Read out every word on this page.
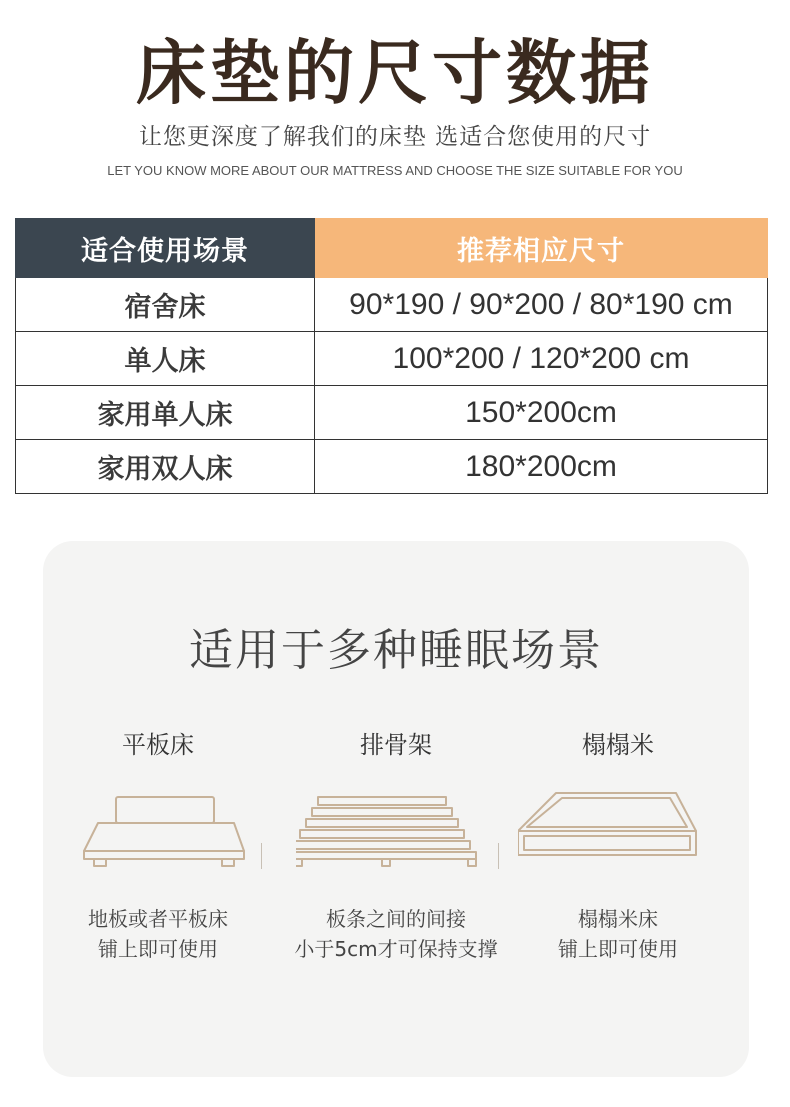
床垫的尺寸数据
让您更深度了解我们的床垫 选适合您使用的尺寸
LET YOU KNOW MORE ABOUT OUR MATTRESS AND CHOOSE THE SIZE SUITABLE FOR YOU
适合使用场景	推荐相应尺寸
宿舍床	90*190 / 90*200 / 80*190 cm
单人床	100*200 / 120*200 cm
家用单人床	150*200cm
家用双人床	180*200cm
适用于多种睡眠场景
平板床
地板或者平板床
铺上即可使用
排骨架
板条之间的间接
小于5cm才可保持支撑
榻榻米
榻榻米床
铺上即可使用
